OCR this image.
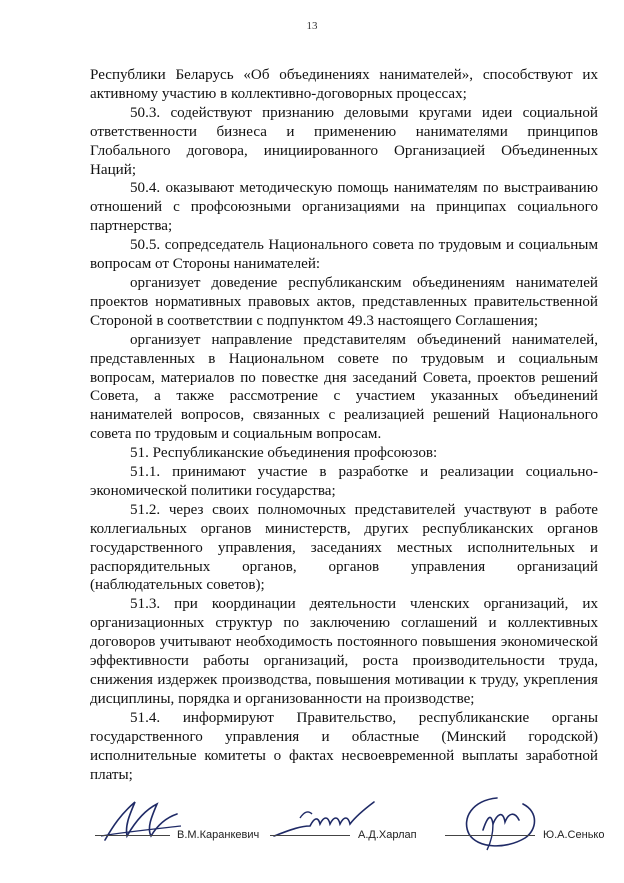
13

Республики Беларусь «Об объединениях нанимателей», способствуют их активному участию в коллективно-договорных процессах;

50.3. содействуют признанию деловыми кругами идеи социальной ответственности бизнеса и применению нанимателями принципов Глобального договора, инициированного Организацией Объединенных Наций;

50.4. оказывают методическую помощь нанимателям по выстраиванию отношений с профсоюзными организациями на принципах социального партнерства;

50.5. сопредседатель Национального совета по трудовым и социальным вопросам от Стороны нанимателей:

организует доведение республиканским объединениям нанимателей проектов нормативных правовых актов, представленных правительственной Стороной в соответствии с подпунктом 49.3 настоящего Соглашения;

организует направление представителям объединений нанимателей, представленных в Национальном совете по трудовым и социальным вопросам, материалов по повестке дня заседаний Совета, проектов решений Совета, а также рассмотрение с участием указанных объединений нанимателей вопросов, связанных с реализацией решений Национального совета по трудовым и социальным вопросам.

51. Республиканские объединения профсоюзов:

51.1. принимают участие в разработке и реализации социально-экономической политики государства;

51.2. через своих полномочных представителей участвуют в работе коллегиальных органов министерств, других республиканских органов государственного управления, заседаниях местных исполнительных и распорядительных органов, органов управления организаций (наблюдательных советов);

51.3. при координации деятельности членских организаций, их организационных структур по заключению соглашений и коллективных договоров учитывают необходимость постоянного повышения экономической эффективности работы организаций, роста производительности труда, снижения издержек производства, повышения мотивации к труду, укрепления дисциплины, порядка и организованности на производстве;

51.4. информируют Правительство, республиканские органы государственного управления и областные (Минский городской) исполнительные комитеты о фактах несвоевременной выплаты заработной платы;

В.М.Каранкевич	А.Д.Харлап	Ю.А.Сенько
